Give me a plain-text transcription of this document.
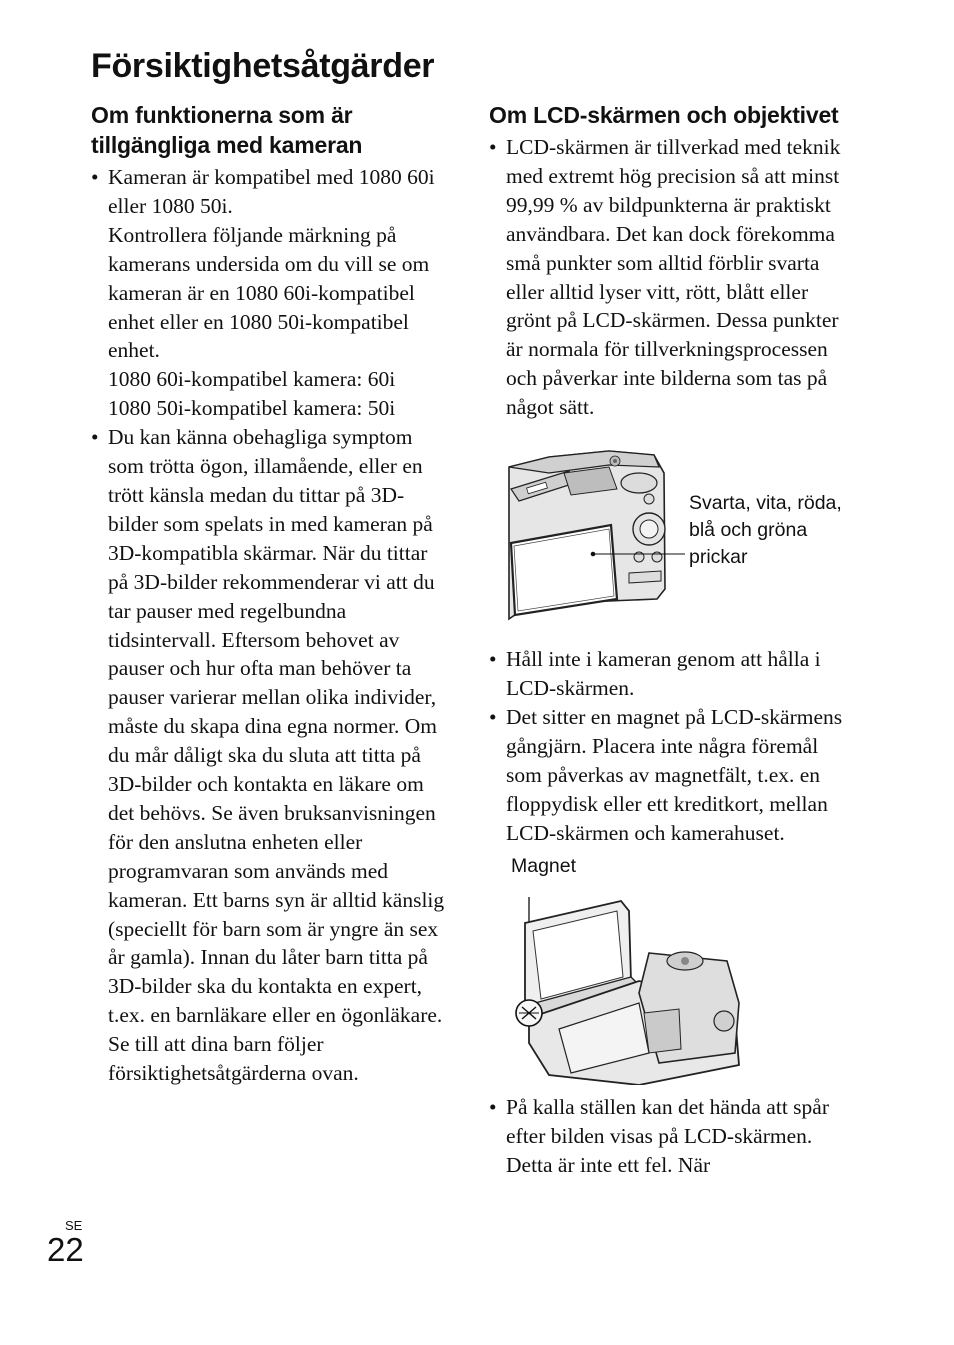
Försiktighetsåtgärder
Om funktionerna som är tillgängliga med kameran
• Kameran är kompatibel med 1080 60i eller 1080 50i.
Kontrollera följande märkning på kamerans undersida om du vill se om kameran är en 1080 60i-kompatibel enhet eller en 1080 50i-kompatibel enhet.
1080 60i-kompatibel kamera: 60i
1080 50i-kompatibel kamera: 50i
• Du kan känna obehagliga symptom som trötta ögon, illamående, eller en trött känsla medan du tittar på 3D-bilder som spelats in med kameran på 3D-kompatibla skärmar. När du tittar på 3D-bilder rekommenderar vi att du tar pauser med regelbundna tidsintervall. Eftersom behovet av pauser och hur ofta man behöver ta pauser varierar mellan olika individer, måste du skapa dina egna normer. Om du mår dåligt ska du sluta att titta på 3D-bilder och kontakta en läkare om det behövs. Se även bruksanvisningen för den anslutna enheten eller programvaran som används med kameran. Ett barns syn är alltid känslig (speciellt för barn som är yngre än sex år gamla). Innan du låter barn titta på 3D-bilder ska du kontakta en expert, t.ex. en barnläkare eller en ögonläkare. Se till att dina barn följer försiktighetsåtgärderna ovan.
Om LCD-skärmen och objektivet
• LCD-skärmen är tillverkad med teknik med extremt hög precision så att minst 99,99 % av bildpunkterna är praktiskt användbara. Det kan dock förekomma små punkter som alltid förblir svarta eller alltid lyser vitt, rött, blått eller grönt på LCD-skärmen. Dessa punkter är normala för tillverkningsprocessen och påverkar inte bilderna som tas på något sätt.
Svarta, vita, röda, blå och gröna prickar
• Håll inte i kameran genom att hålla i LCD-skärmen.
• Det sitter en magnet på LCD-skärmens gångjärn. Placera inte några föremål som påverkas av magnetfält, t.ex. en floppydisk eller ett kreditkort, mellan LCD-skärmen och kamerahuset.
Magnet
• På kalla ställen kan det hända att spår efter bilden visas på LCD-skärmen. Detta är inte ett fel. När
SE
22
